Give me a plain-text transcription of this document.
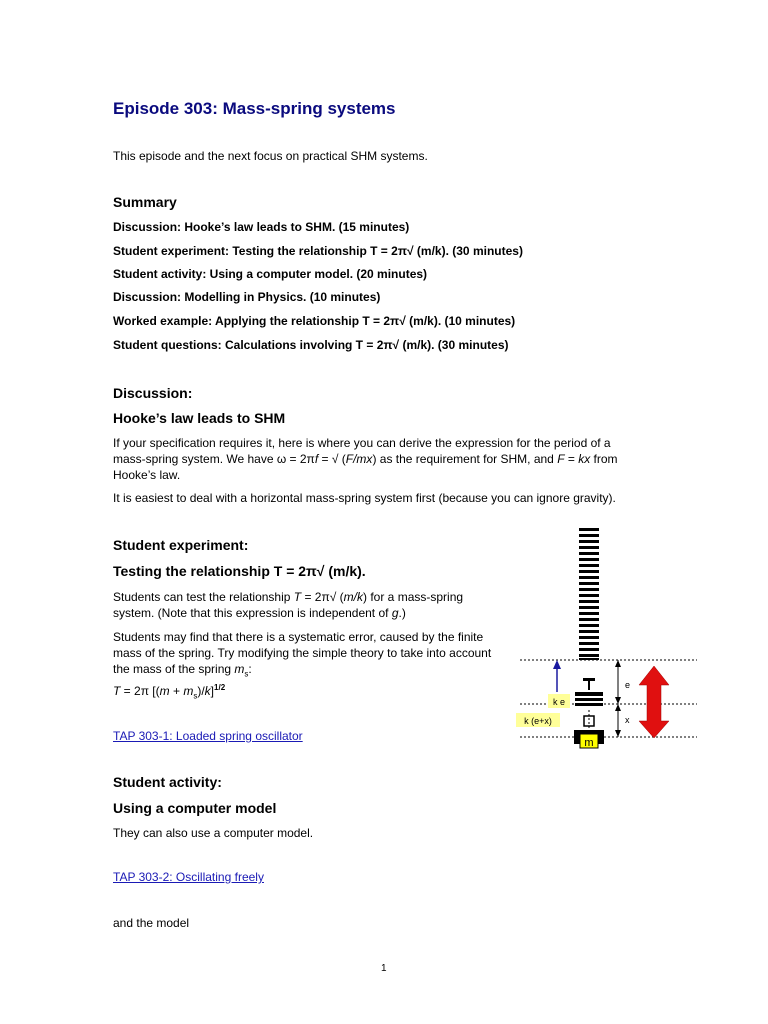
Episode 303: Mass-spring systems

This episode and the next focus on practical SHM systems.

Summary

Discussion: Hooke’s law leads to SHM. (15 minutes)

Student experiment: Testing the relationship T = 2π√ (m/k). (30 minutes)

Student activity: Using a computer model. (20 minutes)

Discussion: Modelling in Physics. (10 minutes)

Worked example: Applying the relationship T = 2π√ (m/k). (10 minutes)

Student questions: Calculations involving T = 2π√ (m/k). (30 minutes)

Discussion:
Hooke’s law leads to SHM

If your specification requires it, here is where you can derive the expression for the period of a mass-spring system. We have ω = 2πf = √ (F/mx) as the requirement for SHM, and F = kx from Hooke’s law.

It is easiest to deal with a horizontal mass-spring system first (because you can ignore gravity).

Student experiment:
Testing the relationship T = 2π√ (m/k).

Students can test the relationship T = 2π√ (m/k) for a mass-spring system. (Note that this expression is independent of g.)

Students may find that there is a systematic error, caused by the finite mass of the spring. Try modifying the simple theory to take into account the mass of the spring $m_s$:

T = 2π $[(m + m_s)/k]^{1/2}$

TAP 303-1: Loaded spring oscillator	m
k e
k (e+x)
e
x
Student activity:
Using a computer model

They can also use a computer model.

TAP 303-2: Oscillating freely

and the model

1
